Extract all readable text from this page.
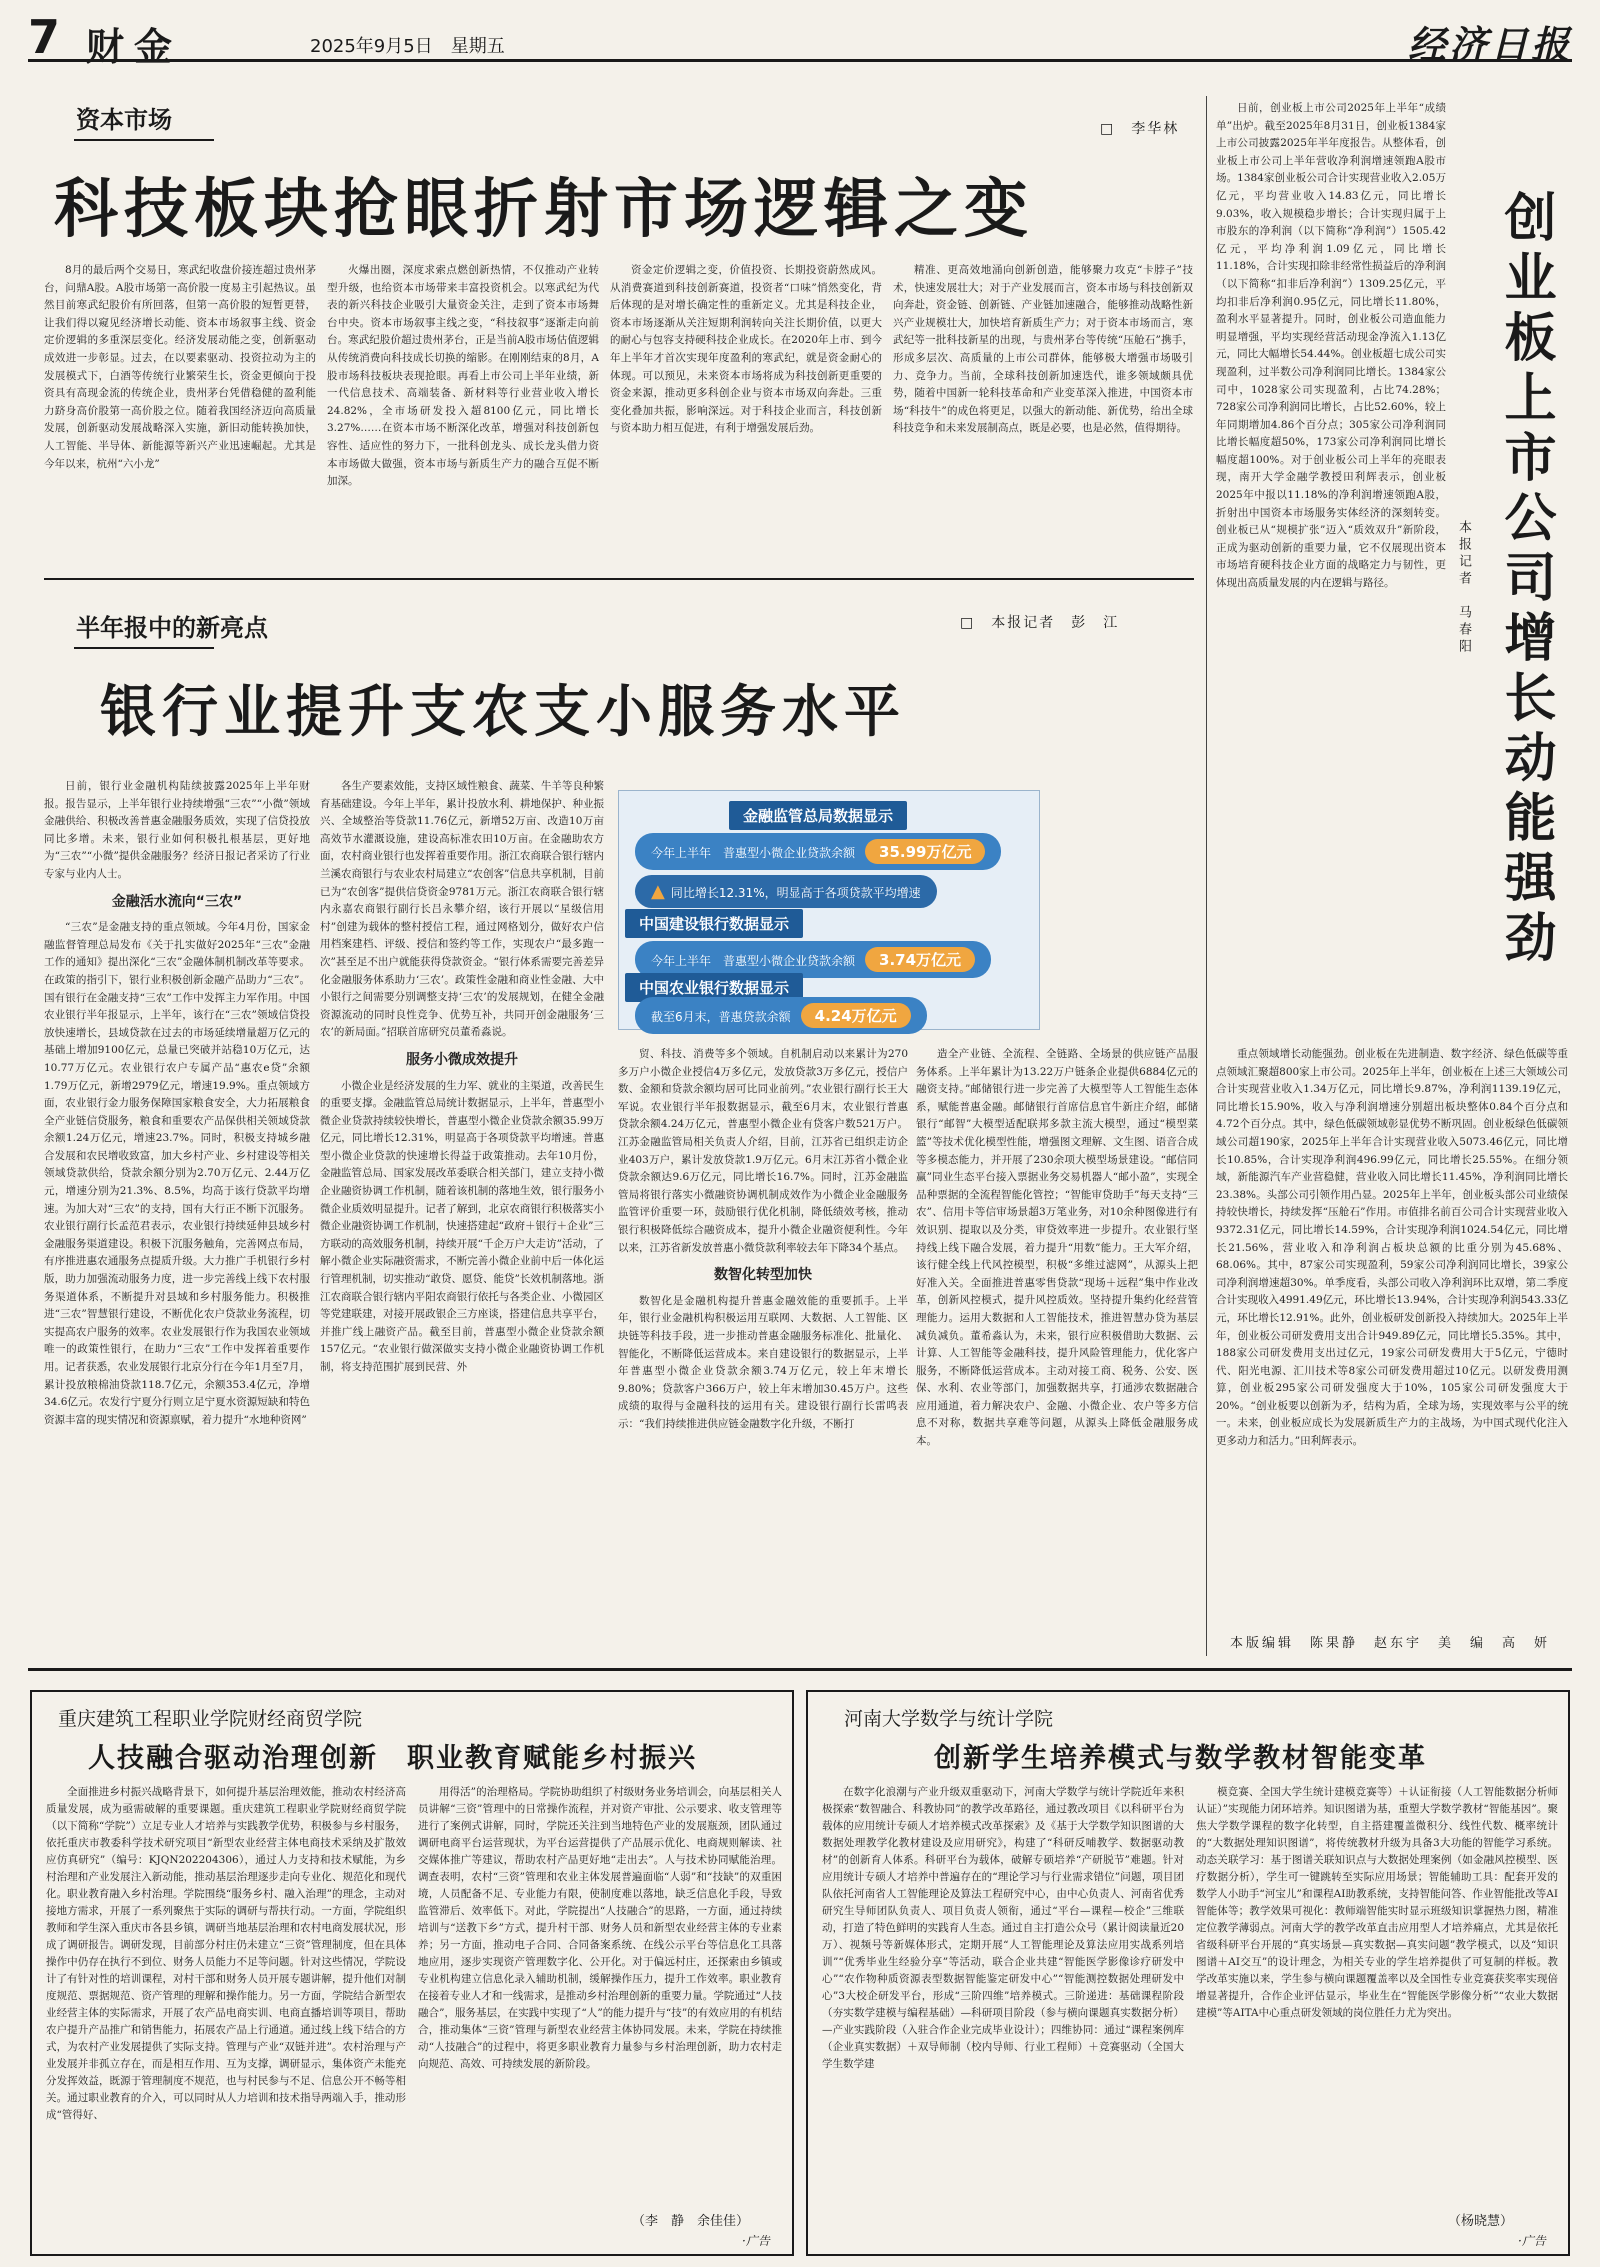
7 财金	2025年9月5日　星期五	经济日报
资本市场	□　李华林
科技板块抢眼折射市场逻辑之变

8月的最后两个交易日，寒武纪收盘价接连超过贵州茅台，问鼎A股。A股市场第一高价股一度易主引起热议。虽然目前寒武纪股价有所回落，但第一高价股的短暂更替，让我们得以窥见经济增长动能、资本市场叙事主线、资金定价逻辑的多重深层变化。经济发展动能之变，创新驱动成效进一步彰显。过去，在以要素驱动、投资拉动为主的发展模式下，白酒等传统行业繁荣生长，资金更倾向于投资具有高现金流的传统企业，贵州茅台凭借稳健的盈利能力跻身高价股第一高价股之位。随着我国经济迈向高质量发展，创新驱动发展战略深入实施，新旧动能转换加快，人工智能、半导体、新能源等新兴产业迅速崛起。尤其是今年以来，杭州“六小龙”

火爆出圈，深度求索点燃创新热情，不仅推动产业转型升级，也给资本市场带来丰富投资机会。以寒武纪为代表的新兴科技企业吸引大量资金关注，走到了资本市场舞台中央。资本市场叙事主线之变，“科技叙事”逐渐走向前台。寒武纪股价超过贵州茅台，正是当前A股市场估值逻辑从传统消费向科技成长切换的缩影。在刚刚结束的8月，A股市场科技板块表现抢眼。再看上市公司上半年业绩，新一代信息技术、高端装备、新材料等行业营业收入增长24.82%，全市场研发投入超8100亿元，同比增长3.27%……在资本市场不断深化改革，增强对科技创新包容性、适应性的努力下，一批科创龙头、成长龙头借力资本市场做大做强，资本市场与新质生产力的融合互促不断加深。

资金定价逻辑之变，价值投资、长期投资蔚然成风。从消费赛道到科技创新赛道，投资者“口味”悄然变化，背后体现的是对增长确定性的重新定义。尤其是科技企业，资本市场逐渐从关注短期利润转向关注长期价值，以更大的耐心与包容支持硬科技企业成长。在2020年上市、到今年上半年才首次实现年度盈利的寒武纪，就是资金耐心的体现。可以预见，未来资本市场将成为科技创新更重要的资金来源，推动更多科创企业与资本市场双向奔赴。三重变化叠加共振，影响深远。对于科技企业而言，科技创新与资本助力相互促进，有利于增强发展后劲。

精准、更高效地涌向创新创造，能够聚力攻克“卡脖子”技术，快速发展壮大；对于产业发展而言，资本市场与科技创新双向奔赴，资金链、创新链、产业链加速融合，能够推动战略性新兴产业规模壮大，加快培育新质生产力；对于资本市场而言，寒武纪等一批科技新星的出现，与贵州茅台等传统“压舱石”携手，形成多层次、高质量的上市公司群体，能够极大增强市场吸引力、竞争力。当前，全球科技创新加速迭代，谁多领域颇具优势，随着中国新一轮科技革命和产业变革深入推进，中国资本市场“科技牛”的成色将更足，以强大的新动能、新优势，给出全球科技竞争和未来发展制高点，既是必要，也是必然，值得期待。

半年报中的新亮点	□　本报记者　彭　江
银行业提升支农支小服务水平

日前，银行业金融机构陆续披露2025年上半年财报。报告显示，上半年银行业持续增强“三农”“小微”领域金融供给、积极改善普惠金融服务质效，实现了信贷投放同比多增。未来，银行业如何积极扎根基层，更好地为“三农”“小微”提供金融服务？经济日报记者采访了行业专家与业内人士。

金融活水流向“三农”

“三农”是金融支持的重点领域。今年4月份，国家金融监督管理总局发布《关于扎实做好2025年“三农”金融工作的通知》提出深化“三农”金融体制机制改革等要求。在政策的指引下，银行业积极创新金融产品助力“三农”。国有银行在金融支持“三农”工作中发挥主力军作用。中国农业银行半年报显示，上半年，该行在“三农”领域信贷投放快速增长，县域贷款在过去的市场延续增量超万亿元的基础上增加9100亿元，总量已突破并站稳10万亿元，达10.77万亿元。农业银行农户专属产品“惠农e贷”余额1.79万亿元，新增2979亿元，增速19.9%。重点领域方面，农业银行金力服务保障国家粮食安全，大力拓展粮食全产业链信贷服务，粮食和重要农产品保供相关领域贷款余额1.24万亿元，增速23.7%。同时，积极支持城乡融合发展和农民增收致富，加大乡村产业、乡村建设等相关领域贷款供给，贷款余额分别为2.70万亿元、2.44万亿元，增速分别为21.3%、8.5%，均高于该行贷款平均增速。为加大对“三农”的支持，国有大行正不断下沉服务。农业银行副行长孟范君表示，农业银行持续延伸县域乡村金融服务渠道建设。积极下沉服务触角，完善网点布局，有序推进惠农通服务点提质升级。大力推广手机银行乡村版，助力加强流动服务力度，进一步完善线上线下农村服务渠道体系，不断提升对县域和乡村服务能力。积极推进“三农”智慧银行建设，不断优化农户贷款业务流程，切实提高农户服务的效率。农业发展银行作为我国农业领域唯一的政策性银行，在助力“三农”工作中发挥着重要作用。记者获悉，农业发展银行北京分行在今年1月至7月，累计投放粮棉油贷款118.7亿元，余额353.4亿元，净增34.6亿元。农发行宁夏分行则立足宁夏水资源短缺和特色资源丰富的现实情况和资源禀赋，着力提升“水地种资网”

各生产要素效能，支持区域性粮食、蔬菜、牛羊等良种繁育基础建设。今年上半年，累计投放水利、耕地保护、种业振兴、全域整治等贷款11.76亿元，新增52万亩、改造10万亩高效节水灌溉设施，建设高标准农田10万亩。在金融助农方面，农村商业银行也发挥着重要作用。浙江农商联合银行辖内兰溪农商银行与农业农村局建立“农创客”信息共享机制，目前已为“农创客”提供信贷资金9781万元。浙江农商联合银行辖内永嘉农商银行副行长吕永攀介绍，该行开展以“星级信用村”创建为载体的整村授信工程，通过网格划分，做好农户信用档案建档、评级、授信和签约等工作，实现农户“最多跑一次”甚至足不出户就能获得贷款资金。“银行体系需要完善差异化金融服务体系助力‘三农’。政策性金融和商业性金融、大中小银行之间需要分别调整支持‘三农’的发展规划，在健全金融资源流动的同时良性竞争、优势互补，共同开创金融服务‘三农’的新局面。”招联首席研究员董希淼说。

服务小微成效提升

小微企业是经济发展的生力军、就业的主渠道，改善民生的重要支撑。金融监管总局统计数据显示，上半年，普惠型小微企业贷款持续较快增长，普惠型小微企业贷款余额35.99万亿元，同比增长12.31%，明显高于各项贷款平均增速。普惠型小微企业贷款的快速增长得益于政策推动。去年10月份，金融监管总局、国家发展改革委联合相关部门，建立支持小微企业融资协调工作机制，随着该机制的落地生效，银行服务小微企业质效明显提升。记者了解到，北京农商银行积极落实小微企业融资协调工作机制，快速搭建起“政府＋银行＋企业”三方联动的高效服务机制，持续开展“千企万户大走访”活动，了解小微企业实际融资需求，不断完善小微企业前中后一体化运行管理机制，切实推动“敢贷、愿贷、能贷”长效机制落地。浙江农商联合银行辖内平阳农商银行依托与各类企业、小微园区等党建联建，对接开展政银企三方座谈，搭建信息共享平台，并推广线上融资产品。截至目前，普惠型小微企业贷款余额157亿元。“农业银行做深做实支持小微企业融资协调工作机制，将支持范围扩展到民营、外

贸、科技、消费等多个领域。自机制启动以来累计为270多万户小微企业授信4万多亿元，发放贷款3万多亿元，授信户数、金额和贷款余额均居可比同业前列。”农业银行副行长王大军说。农业银行半年报数据显示，截至6月末，农业银行普惠贷款余额4.24万亿元，普惠型小微企业有贷客户数521万户。江苏金融监管局相关负责人介绍，目前，江苏省已组织走访企业403万户，累计发放贷款1.9万亿元。6月末江苏省小微企业贷款余额达9.6万亿元，同比增长16.7%。同时，江苏金融监管局将银行落实小微融资协调机制成效作为小微企业金融服务监管评价重要一环，鼓励银行优化机制，降低绩效考核，推动银行积极降低综合融资成本，提升小微企业融资便利性。今年以来，江苏省新发放普惠小微贷款利率较去年下降34个基点。

数智化转型加快

数智化是金融机构提升普惠金融效能的重要抓手。上半年，银行业金融机构积极运用互联网、大数据、人工智能、区块链等科技手段，进一步推动普惠金融服务标准化、批量化、智能化，不断降低运营成本。来自建设银行的数据显示，上半年普惠型小微企业贷款余额3.74万亿元，较上年末增长9.80%；贷款客户366万户，较上年末增加30.45万户。这些成绩的取得与金融科技的运用有关。建设银行副行长雷鸣表示：“我们持续推进供应链金融数字化升级，不断打

造全产业链、全流程、全链路、全场景的供应链产品服务体系。上半年累计为13.22万户链条企业提供6884亿元的融资支持。”邮储银行进一步完善了大模型等人工智能生态体系，赋能普惠金融。邮储银行首席信息官牛新庄介绍，邮储银行“邮智”大模型适配联邦多款主流大模型，通过“模型菜篮”等技术优化模型性能，增强图文理解、文生图、语音合成等多模态能力，并开展了230余项大模型场景建设。“邮信同赢”同业生态平台接入票据业务交易机器人“邮小盈”，实现全品种票据的全流程智能化管控；“智能审贷助手”每天支持“三农”、信用卡等信审场景超3万笔业务，对10余种图像进行有效识别、提取以及分类，审贷效率进一步提升。农业银行坚持线上线下融合发展，着力提升“用数”能力。王大军介绍，该行健全线上代风控模型，积极“多维过滤网”，从源头上把好准入关。全面推进普惠零售贷款“现场＋远程”集中作业改革，创新风控模式，提升风控质效。坚持提升集约化经营管理能力。运用大数据和人工智能技术，推进智慧办贷为基层减负减负。董希淼认为，未来，银行应积极借助大数据、云计算、人工智能等金融科技，提升风险管理能力，优化客户服务，不断降低运营成本。主动对接工商、税务、公安、医保、水利、农业等部门，加强数据共享，打通涉农数据融合应用通道，着力解决农户、金融、小微企业、农户等多方信息不对称，数据共享难等问题，从源头上降低金融服务成本。

金融监管总局数据显示
今年上半年　普惠型小微企业贷款余额 35.99万亿元
▲ 同比增长12.31%，明显高于各项贷款平均增速
中国建设银行数据显示
今年上半年　普惠型小微企业贷款余额 3.74万亿元
中国农业银行数据显示
截至6月末，普惠贷款余额 4.24万亿元

日前，创业板上市公司2025年上半年“成绩单”出炉。截至2025年8月31日，创业板1384家上市公司披露2025年半年度报告。从整体看，创业板上市公司上半年营收净利润增速领跑A股市场。1384家创业板公司合计实现营业收入2.05万亿元，平均营业收入14.83亿元，同比增长9.03%，收入规模稳步增长；合计实现归属于上市股东的净利润（以下简称“净利润”）1505.42亿元，平均净利润1.09亿元，同比增长11.18%，合计实现扣除非经常性损益后的净利润（以下简称“扣非后净利润”）1309.25亿元，平均扣非后净利润0.95亿元，同比增长11.80%，盈利水平显著提升。同时，创业板公司造血能力明显增强，平均实现经营活动现金净流入1.13亿元，同比大幅增长54.44%。创业板超七成公司实现盈利，过半数公司净利润同比增长。1384家公司中，1028家公司实现盈利，占比74.28%；728家公司净利润同比增长，占比52.60%，较上年同期增加4.86个百分点；305家公司净利润同比增长幅度超50%，173家公司净利润同比增长幅度超100%。对于创业板公司上半年的亮眼表现，南开大学金融学教授田利辉表示，创业板2025年中报以11.18%的净利润增速领跑A股，折射出中国资本市场服务实体经济的深刻转变。创业板已从“规模扩张”迈入“质效双升”新阶段，正成为驱动创新的重要力量，它不仅展现出资本市场培育硬科技企业方面的战略定力与韧性，更体现出高质量发展的内在逻辑与路径。	创业板上市公司增长动能强劲
本报记者　马春阳

重点领域增长动能强劲。创业板在先进制造、数字经济、绿色低碳等重点领域汇聚超800家上市公司。2025年上半年，创业板在上述三大领域公司合计实现营业收入1.34万亿元，同比增长9.87%，净利润1139.19亿元，同比增长15.90%，收入与净利润增速分别超出板块整体0.84个百分点和4.72个百分点。其中，绿色低碳领域彰显优势不断巩固。创业板绿色低碳领域公司超190家，2025年上半年合计实现营业收入5073.46亿元，同比增长10.85%，合计实现净利润496.99亿元，同比增长25.55%。在细分领域，新能源汽车产业营稳健，营业收入同比增长11.45%，净利润同比增长23.38%。头部公司引领作用凸显。2025年上半年，创业板头部公司业绩保持较快增长，持续发挥“压舱石”作用。市值排名前百公司合计实现营业收入9372.31亿元，同比增长14.59%，合计实现净利润1024.54亿元，同比增长21.56%，营业收入和净利润占板块总额的比重分别为45.68%、68.06%。其中，87家公司实现盈利，59家公司净利润同比增长，39家公司净利润增速超30%。单季度看，头部公司收入净利润环比双增，第二季度合计实现收入4991.49亿元，环比增长13.94%，合计实现净利润543.33亿元，环比增长12.91%。此外，创业板研发创新投入持续加大。2025年上半年，创业板公司研发费用支出合计949.89亿元，同比增长5.35%。其中，188家公司研发费用支出过亿元，19家公司研发费用大于5亿元，宁德时代、阳光电源、汇川技术等8家公司研发费用超过10亿元。以研发费用测算，创业板295家公司研发强度大于10%，105家公司研发强度大于20%。“创业板要以创新为矛，结构为盾，全球为场，实现效率与公平的统一。未来，创业板应成长为发展新质生产力的主战场，为中国式现代化注入更多动力和活力。”田利辉表示。

本版编辑　陈果静　赵东宇　美　编　高　妍
重庆建筑工程职业学院财经商贸学院
人技融合驱动治理创新　职业教育赋能乡村振兴

全面推进乡村振兴战略背景下，如何提升基层治理效能，推动农村经济高质量发展，成为亟需破解的重要课题。重庆建筑工程职业学院财经商贸学院（以下简称“学院”）立足专业人才培养与实践教学优势，积极参与乡村服务，依托重庆市教委科学技术研究项目“新型农业经营主体电商技术采纳及扩散效应仿真研究”（编号：KJQN202204306），通过人力支持和技术赋能，为乡村治理和产业发展注入新动能，推动基层治理逐步走向专业化、规范化和现代化。职业教育融入乡村治理。学院围绕“服务乡村、融入治理”的理念，主动对接地方需求，开展了一系列聚焦于实际的调研与帮扶行动。一方面，学院组织教师和学生深入重庆市各县乡镇，调研当地基层治理和农村电商发展状况，形成了调研报告。调研发现，目前部分村庄仍未建立“三资”管理制度，但在具体操作中仍存在执行不到位、财务人员能力不足等问题。针对这些情况，学院设计了有针对性的培训课程，对村干部和财务人员开展专题讲解，提升他们对制度规范、票据规范、资产管理的理解和操作能力。另一方面，学院结合新型农业经营主体的实际需求，开展了农产品电商实训、电商直播培训等项目，帮助农户提升产品推广和销售能力，拓展农产品上行通道。通过线上线下结合的方式，为农村产业发展提供了实际支持。管理与产业“双链并进”。农村治理与产业发展并非孤立存在，而是相互作用、互为支撑，调研显示，集体资产未能充分发挥效益，既源于管理制度不规范，也与村民参与不足、信息公开不畅等相关。通过职业教育的介入，可以同时从人力培训和技术指导两端入手，推动形成“管得好、

用得活”的治理格局。学院协助组织了村级财务业务培训会，向基层相关人员讲解“三资”管理中的日常操作流程，并对资产审批、公示要求、收支管理等进行了案例式讲解，同时，学院还关注到当地特色产业的发展瓶颈，团队通过调研电商平台运营现状，为平台运营提供了产品展示优化、电商规则解读、社交媒体推广等建议，帮助农村产品更好地“走出去”。人与技术协同赋能治理。调查表明，农村“三资”管理和农业主体发展普遍面临“人弱”和“技缺”的双重困境，人员配备不足、专业能力有限，使制度难以落地，缺乏信息化手段，导致监管滞后、效率低下。对此，学院提出“人技融合”的思路，一方面，通过持续培训与“送教下乡”方式，提升村干部、财务人员和新型农业经营主体的专业素养；另一方面，推动电子合同、合同备案系统、在线公示平台等信息化工具落地应用，逐步实现资产管理数字化、公开化。对于偏远村庄，还探索由乡镇或专业机构建立信息化录入辅助机制，缓解操作压力，提升工作效率。职业教育在接着专业人才和一线需求，是推动乡村治理创新的重要力量。学院通过“人技融合”，服务基层，在实践中实现了“人”的能力提升与“技”的有效应用的有机结合，推动集体“三资”管理与新型农业经营主体协同发展。未来，学院在持续推动“人技融合”的过程中，将更多职业教育力量参与乡村治理创新，助力农村走向规范、高效、可持续发展的新阶段。

（李　静　余佳佳）
·广告
河南大学数学与统计学院
创新学生培养模式与数学教材智能变革

在数字化浪潮与产业升级双重驱动下，河南大学数学与统计学院近年来积极探索“数智融合、科教协同”的教学改革路径，通过教改项目《以科研平台为载体的应用统计专硕人才培养模式改革探索》及《基于大学数学知识图谱的大数据处理教学化教材建设及应用研究》，构建了“科研反哺教学、数据驱动教材”的创新育人体系。科研平台为载体，破解专硕培养“产研脱节”难题。针对应用统计专硕人才培养中普遍存在的“理论学习与行业需求错位”问题，项目团队依托河南省人工智能理论及算法工程研究中心，由中心负责人、河南省优秀研究生导师团队负责人、项目负责人领衔，通过“平台—课程—校企”三维联动，打造了特色鲜明的实践育人生态。通过自主打造公众号（累计阅读量近20万）、视频号等新媒体形式，定期开展“人工智能理论及算法应用实战系列培训”“优秀毕业生经验分享”等活动，联合企业共建“智能医学影像诊疗研发中心”“农作物种质资源表型数据智能鉴定研发中心”“智能测控数据处理研发中心”3大校企研发平台，形成“三阶四维”培养模式。三阶递进：基础课程阶段（夯实数学建模与编程基础）—科研项目阶段（参与横向课题真实数据分析）—产业实践阶段（入驻合作企业完成毕业设计）；四维协同：通过“课程案例库（企业真实数据）＋双导师制（校内导师、行业工程师）＋竞赛驱动（全国大学生数学建

模竞赛、全国大学生统计建模竞赛等）＋认证衔接（人工智能数据分析师认证）”实现能力闭环培养。知识图谱为基，重塑大学数学教材“智能基因”。聚焦大学数学课程的数字化转型，自主搭建覆盖微积分、线性代数、概率统计的“大数据处理知识图谱”，将传统教材升级为具备3大功能的智能学习系统。动态关联学习：基于图谱关联知识点与大数据处理案例（如金融风控模型、医疗数据分析），学生可一键跳转至实际应用场景；智能辅助工具：配套开发的数学人小助手“河宝儿”和课程AI助教系统，支持智能问答、作业智能批改等AI智能体等；教学效果可视化：教师端智能实时显示班级知识掌握热力图，精准定位教学薄弱点。河南大学的教学改革直击应用型人才培养痛点，尤其是依托省级科研平台开展的“真实场景—真实数据—真实问题”教学模式，以及“知识图谱＋AI交互”的设计理念，为相关专业的学生培养提供了可复制的样板。教学改革实施以来，学生参与横向课题覆盖率以及全国性专业竞赛获奖率实现倍增显著提升，合作企业评估显示，毕业生在“智能医学影像分析”“农业大数据建模”等AITA中心重点研发领域的岗位胜任力尤为突出。

（杨晓慧）
·广告
